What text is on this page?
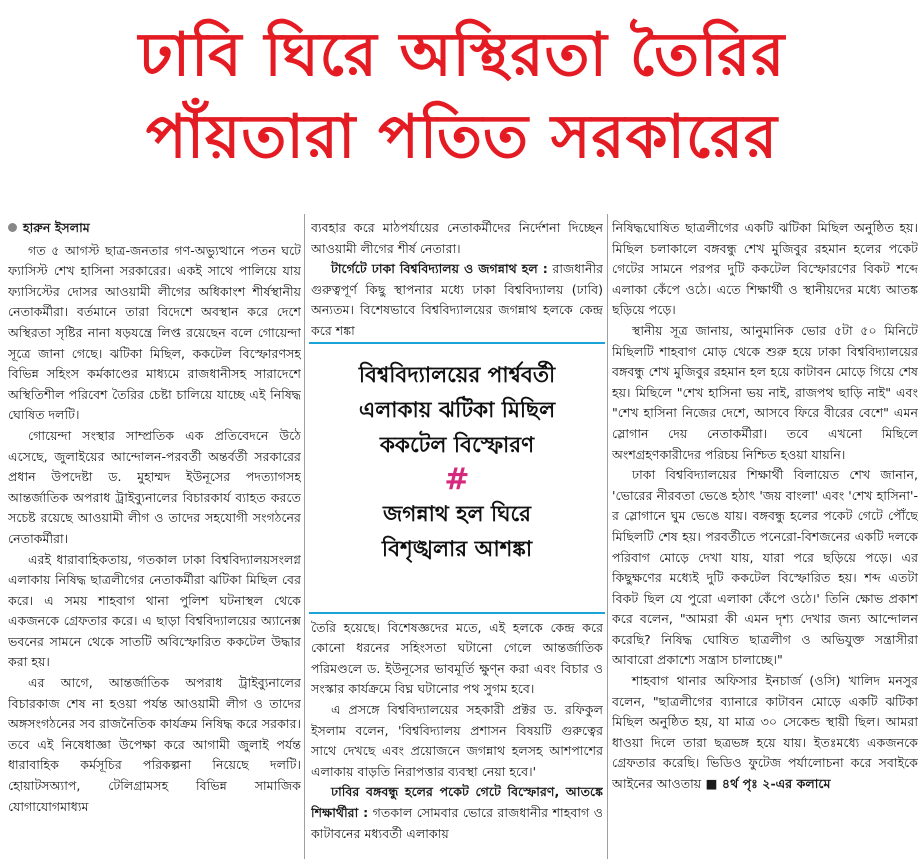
ঢাবি ঘিরে অস্থিরতা তৈরির
পাঁয়তারা পতিত সরকারের

হারুন ইসলাম

গত ৫ আগস্ট ছাত্র-জনতার গণ-অভ্যুত্থানে পতন ঘটে ফ্যাসিস্ট শেখ হাসিনা সরকারের। একই সাথে পালিয়ে যায় ফ্যাসিস্টের দোসর আওয়ামী লীগের অধিকাংশ শীর্ষস্থানীয় নেতাকর্মীরা। বর্তমানে তারা বিদেশে অবস্থান করে দেশে অস্থিরতা সৃষ্টির নানা ষড়যন্ত্রে লিপ্ত রয়েছেন বলে গোয়েন্দা সূত্রে জানা গেছে। ঝটিকা মিছিল, ককটেল বিস্ফোরণসহ বিভিন্ন সহিংস কর্মকাণ্ডের মাধ্যমে রাজধানীসহ সারাদেশে অস্থিতিশীল পরিবেশ তৈরির চেষ্টা চালিয়ে যাচ্ছে এই নিষিদ্ধ ঘোষিত দলটি।

গোয়েন্দা সংস্থার সাম্প্রতিক এক প্রতিবেদনে উঠে এসেছে, জুলাইয়ের আন্দোলন-পরবর্তী অন্তর্বর্তী সরকারের প্রধান উপদেষ্টা ড. মুহাম্মদ ইউনূসের পদত্যাগসহ আন্তর্জাতিক অপরাধ ট্রাইব্যুনালের বিচারকার্য ব্যাহত করতে সচেষ্ট রয়েছে আওয়ামী লীগ ও তাদের সহযোগী সংগঠনের নেতাকর্মীরা।

এরই ধারাবাহিকতায়, গতকাল ঢাকা বিশ্ববিদ্যালয়সংলগ্ন এলাকায় নিষিদ্ধ ছাত্রলীগের নেতাকর্মীরা ঝটিকা মিছিল বের করে। এ সময় শাহবাগ থানা পুলিশ ঘটনাস্থল থেকে একজনকে গ্রেফতার করে। এ ছাড়া বিশ্ববিদ্যালয়ের অ্যানেক্স ভবনের সামনে থেকে সাতটি অবিস্ফোরিত ককটেল উদ্ধার করা হয়।

এর আগে, আন্তর্জাতিক অপরাধ ট্রাইব্যুনালের বিচারকাজ শেষ না হওয়া পর্যন্ত আওয়ামী লীগ ও তাদের অঙ্গসংগঠনের সব রাজনৈতিক কার্যক্রম নিষিদ্ধ করে সরকার। তবে এই নিষেধাজ্ঞা উপেক্ষা করে আগামী জুলাই পর্যন্ত ধারাবাহিক কর্মসূচির পরিকল্পনা নিয়েছে দলটি। হোয়াটসঅ্যাপ, টেলিগ্রামসহ বিভিন্ন সামাজিক যোগাযোগমাধ্যম

ব্যবহার করে মাঠপর্যায়ের নেতাকর্মীদের নির্দেশনা দিচ্ছেন আওয়ামী লীগের শীর্ষ নেতারা।

টার্গেটে ঢাকা বিশ্ববিদ্যালয় ও জগন্নাথ হল : রাজধানীর গুরুত্বপূর্ণ কিছু স্থাপনার মধ্যে ঢাকা বিশ্ববিদ্যালয় (ঢাবি) অন্যতম। বিশেষভাবে বিশ্ববিদ্যালয়ের জগন্নাথ হলকে কেন্দ্র করে শঙ্কা

তৈরি হয়েছে। বিশেষজ্ঞদের মতে, এই হলকে কেন্দ্র করে কোনো ধরনের সহিংসতা ঘটানো গেলে আন্তর্জাতিক পরিমণ্ডলে ড. ইউনূসের ভাবমূর্তি ক্ষুণ্ন করা এবং বিচার ও সংস্কার কার্যক্রমে বিঘ্ন ঘটানোর পথ সুগম হবে।

এ প্রসঙ্গে বিশ্ববিদ্যালয়ের সহকারী প্রক্টর ড. রফিকুল ইসলাম বলেন, 'বিশ্ববিদ্যালয় প্রশাসন বিষয়টি গুরুত্বের সাথে দেখছে এবং প্রয়োজনে জগন্নাথ হলসহ আশপাশের এলাকায় বাড়তি নিরাপত্তার ব্যবস্থা নেয়া হবে।'

ঢাবির বঙ্গবন্ধু হলের পকেট গেটে বিস্ফোরণ, আতঙ্কে শিক্ষার্থীরা : গতকাল সোমবার ভোরে রাজধানীর শাহবাগ ও কাটাবনের মধ্যবর্তী এলাকায়

বিশ্ববিদ্যালয়ের পার্শ্ববর্তী
এলাকায় ঝটিকা মিছিল
ককটেল বিস্ফোরণ
#
জগন্নাথ হল ঘিরে
বিশৃঙ্খলার আশঙ্কা

নিষিদ্ধঘোষিত ছাত্রলীগের একটি ঝটিকা মিছিল অনুষ্ঠিত হয়। মিছিল চলাকালে বঙ্গবন্ধু শেখ মুজিবুর রহমান হলের পকেট গেটের সামনে পরপর দুটি ককটেল বিস্ফোরণের বিকট শব্দে এলাকা কেঁপে ওঠে। এতে শিক্ষার্থী ও স্থানীয়দের মধ্যে আতঙ্ক ছড়িয়ে পড়ে।

স্থানীয় সূত্র জানায়, আনুমানিক ভোর ৫টা ৫০ মিনিটে মিছিলটি শাহবাগ মোড় থেকে শুরু হয়ে ঢাকা বিশ্ববিদ্যালয়ের বঙ্গবন্ধু শেখ মুজিবুর রহমান হল হয়ে কাটাবন মোড়ে গিয়ে শেষ হয়। মিছিলে "শেখ হাসিনা ভয় নাই, রাজপথ ছাড়ি নাই" এবং "শেখ হাসিনা নিজের দেশে, আসবে ফিরে বীরের বেশে" এমন স্লোগান দেয় নেতাকর্মীরা। তবে এখনো মিছিলে অংশগ্রহণকারীদের পরিচয় নিশ্চিত হওয়া যায়নি।

ঢাকা বিশ্ববিদ্যালয়ের শিক্ষার্থী বিলায়েত শেখ জানান, 'ভোরের নীরবতা ভেঙে হঠাৎ 'জয় বাংলা' এবং 'শেখ হাসিনা'-র স্লোগানে ঘুম ভেঙে যায়। বঙ্গবন্ধু হলের পকেট গেটে পৌঁছে মিছিলটি শেষ হয়। পরবর্তীতে পনেরো-বিশজনের একটি দলকে পরিবাগ মোড়ে দেখা যায়, যারা পরে ছড়িয়ে পড়ে। এর কিছুক্ষণের মধ্যেই দুটি ককটেল বিস্ফোরিত হয়। শব্দ এতটা বিকট ছিল যে পুরো এলাকা কেঁপে ওঠে।' তিনি ক্ষোভ প্রকাশ করে বলেন, "আমরা কী এমন দৃশ্য দেখার জন্য আন্দোলন করেছি? নিষিদ্ধ ঘোষিত ছাত্রলীগ ও অভিযুক্ত সন্ত্রাসীরা আবারো প্রকাশ্যে সন্ত্রাস চালাচ্ছে।"

শাহবাগ থানার অফিসার ইনচার্জ (ওসি) খালিদ মনসুর বলেন, "ছাত্রলীগের ব্যানারে কাটাবন মোড়ে একটি ঝটিকা মিছিল অনুষ্ঠিত হয়, যা মাত্র ৩০ সেকেন্ড স্থায়ী ছিল। আমরা ধাওয়া দিলে তারা ছত্রভঙ্গ হয়ে যায়। ইতঃমধ্যে একজনকে গ্রেফতার করেছি। ভিডিও ফুটেজ পর্যালোচনা করে সবাইকে আইনের আওতায় ■ ৪র্থ পৃঃ ২-এর কলামে
